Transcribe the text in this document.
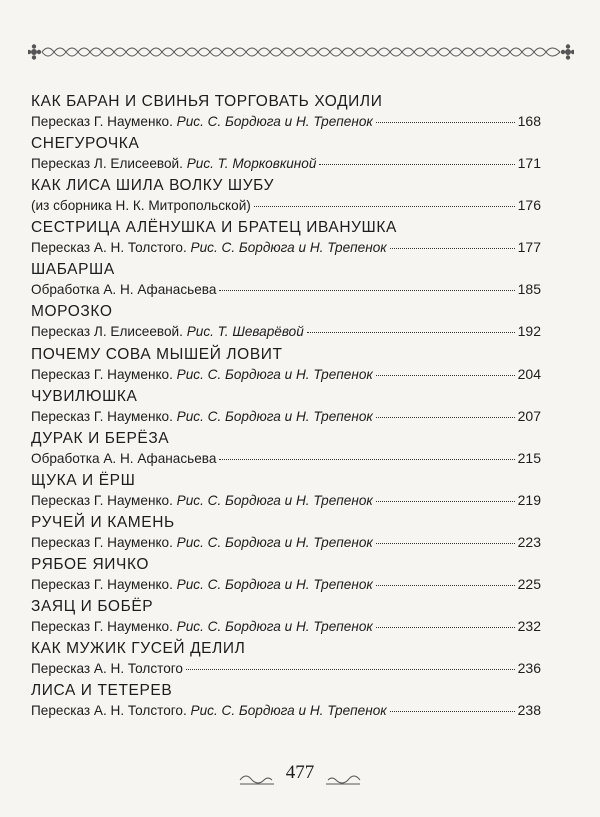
КАК БАРАН И СВИНЬЯ ТОРГОВАТЬ ХОДИЛИ
Пересказ Г. Науменко. Рис. С. Бордюга и Н. Трепенок	168
СНЕГУРОЧКА
Пересказ Л. Елисеевой. Рис. Т. Морковкиной	171
КАК ЛИСА ШИЛА ВОЛКУ ШУБУ
(из сборника Н. К. Митропольской)	176
СЕСТРИЦА АЛЁНУШКА И БРАТЕЦ ИВАНУШКА
Пересказ А. Н. Толстого. Рис. С. Бордюга и Н. Трепенок	177
ШАБАРША
Обработка А. Н. Афанасьева	185
МОРОЗКО
Пересказ Л. Елисеевой. Рис. Т. Шеварёвой	192
ПОЧЕМУ СОВА МЫШЕЙ ЛОВИТ
Пересказ Г. Науменко. Рис. С. Бордюга и Н. Трепенок	204
ЧУВИЛЮШКА
Пересказ Г. Науменко. Рис. С. Бордюга и Н. Трепенок	207
ДУРАК И БЕРЁЗА
Обработка А. Н. Афанасьева	215
ЩУКА И ЁРШ
Пересказ Г. Науменко. Рис. С. Бордюга и Н. Трепенок	219
РУЧЕЙ И КАМЕНЬ
Пересказ Г. Науменко. Рис. С. Бордюга и Н. Трепенок	223
РЯБОЕ ЯИЧКО
Пересказ Г. Науменко. Рис. С. Бордюга и Н. Трепенок	225
ЗАЯЦ И БОБЁР
Пересказ Г. Науменко. Рис. С. Бордюга и Н. Трепенок	232
КАК МУЖИК ГУСЕЙ ДЕЛИЛ
Пересказ А. Н. Толстого	236
ЛИСА И ТЕТЕРЕВ
Пересказ А. Н. Толстого. Рис. С. Бордюга и Н. Трепенок	238
477
